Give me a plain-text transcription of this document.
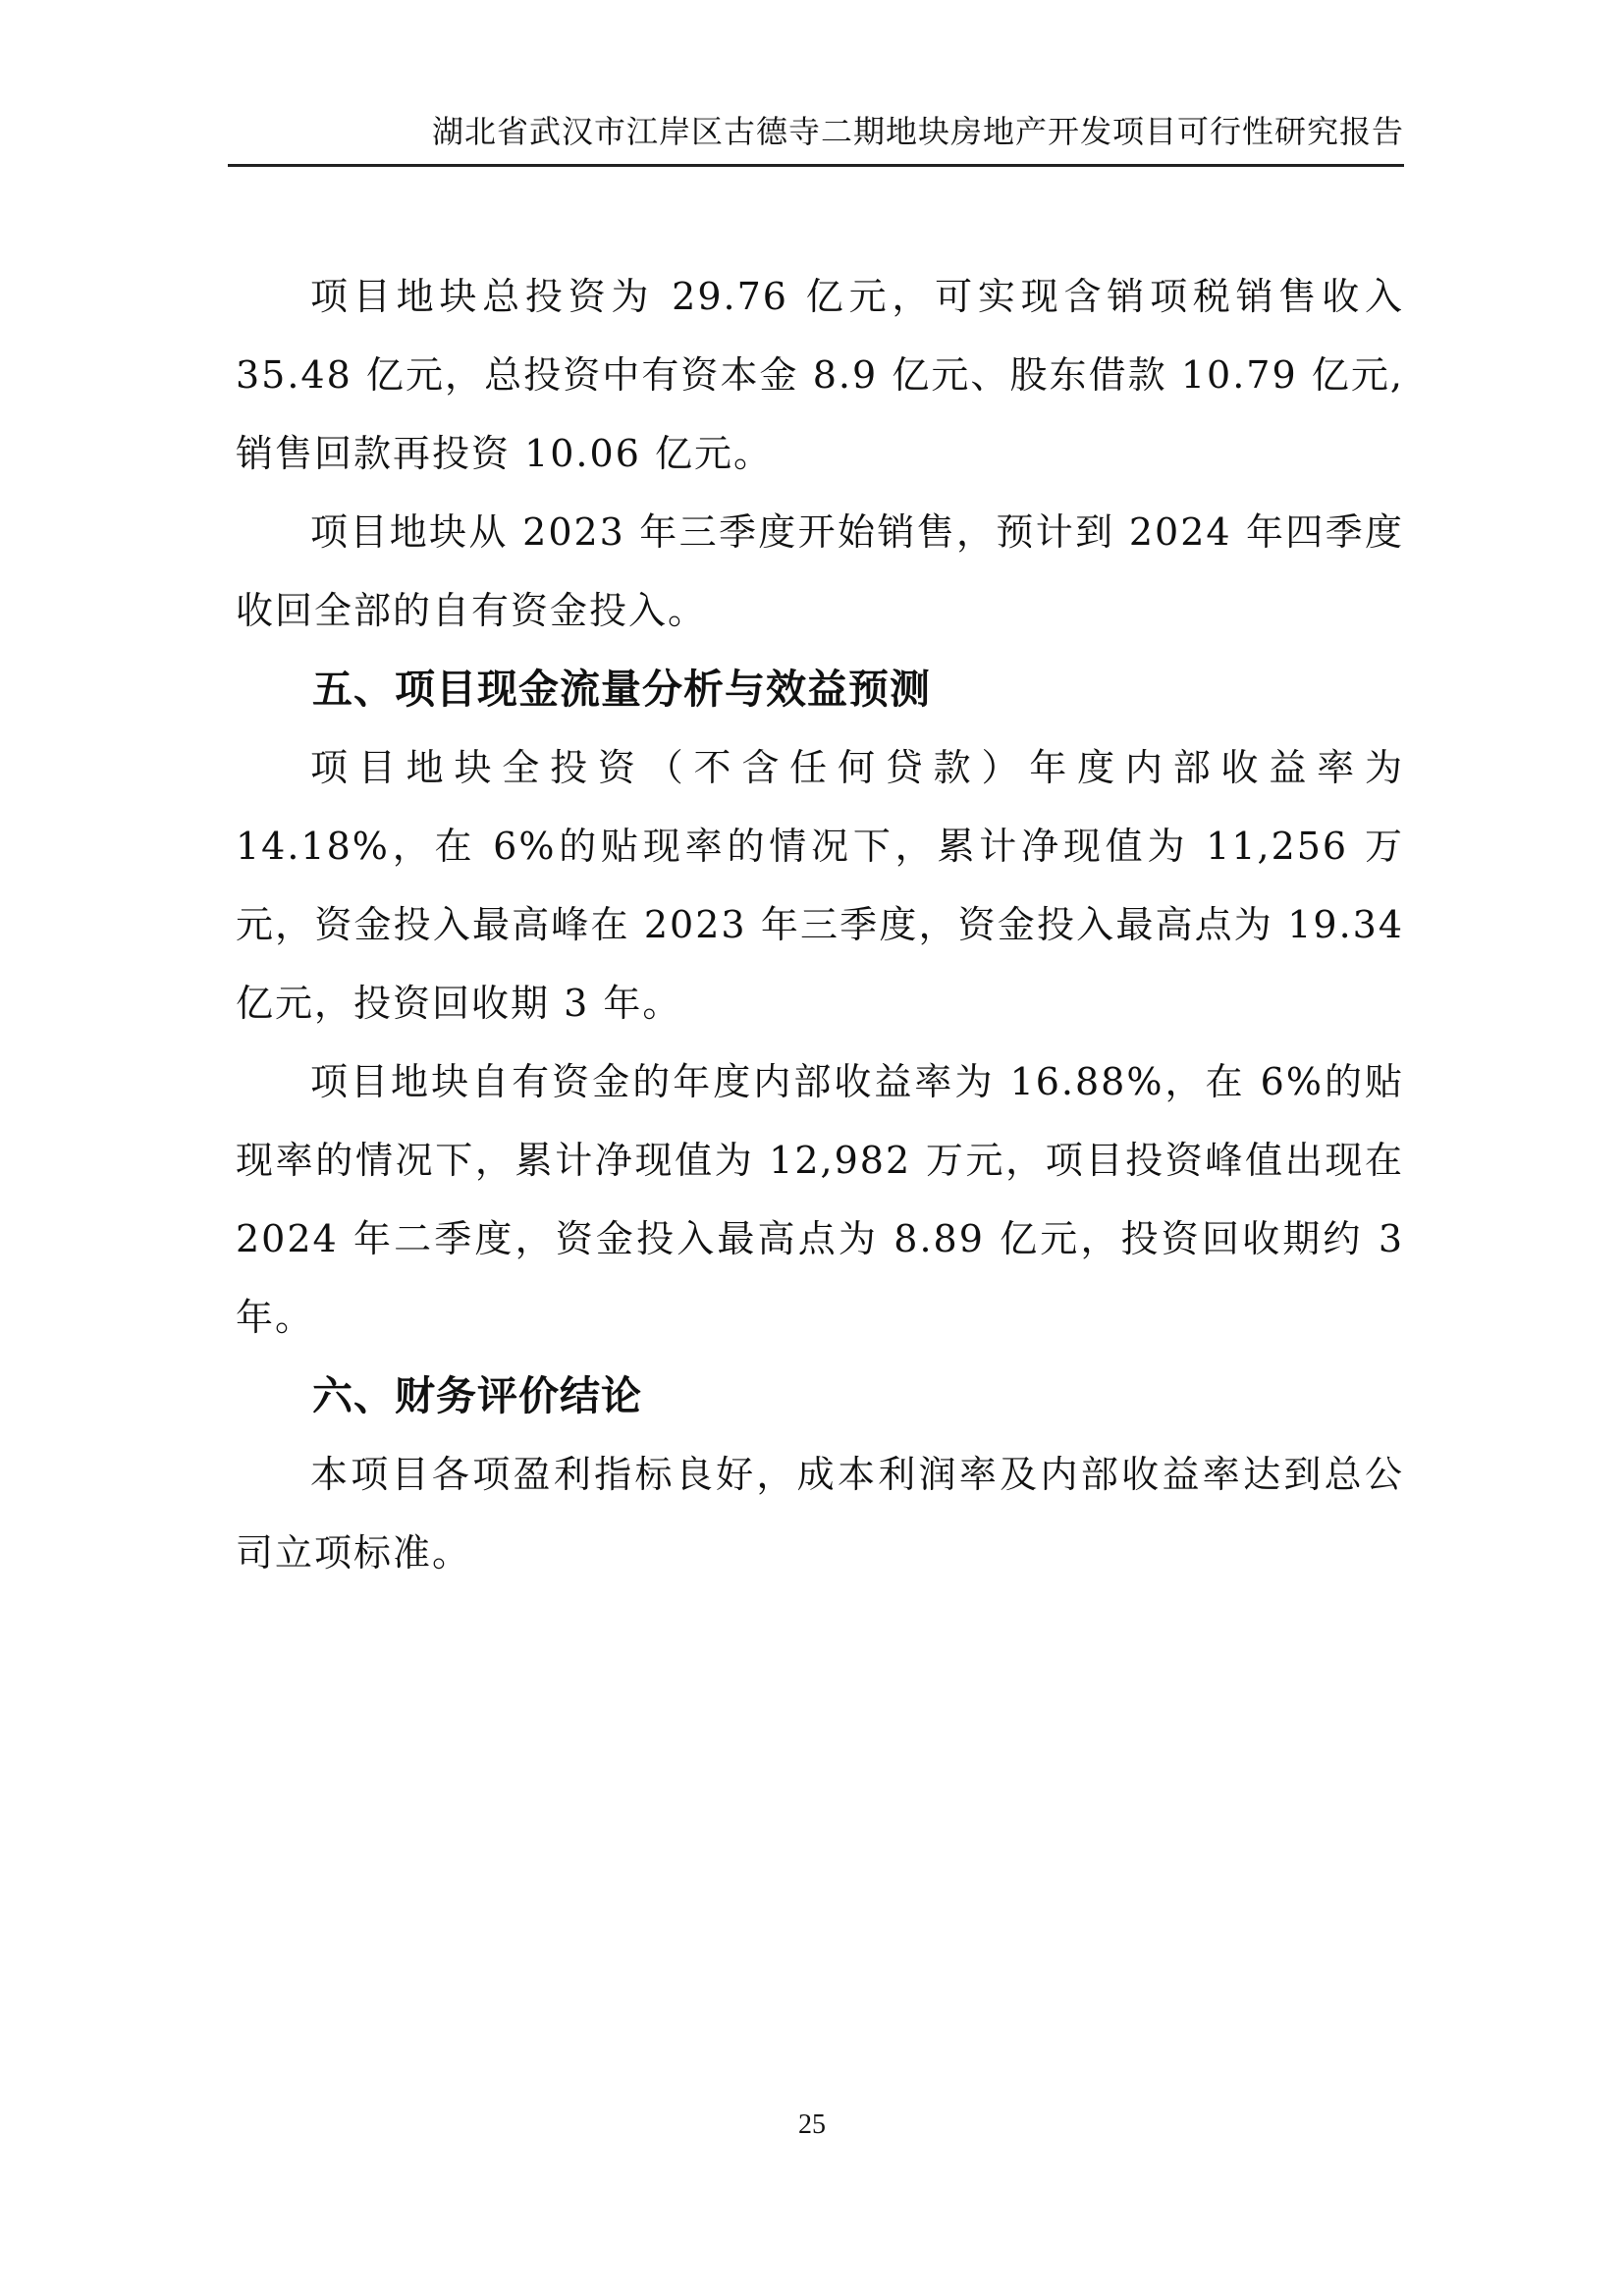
湖北省武汉市江岸区古德寺二期地块房地产开发项目可行性研究报告

项目地块总投资为 29.76 亿元，可实现含销项税销售收入 35.48 亿元，总投资中有资本金 8.9 亿元、股东借款 10.79 亿元,销售回款再投资 10.06 亿元。

项目地块从 2023 年三季度开始销售，预计到 2024 年四季度收回全部的自有资金投入。

五、项目现金流量分析与效益预测

项目地块全投资（不含任何贷款）年度内部收益率为 14.18%，在 6%的贴现率的情况下，累计净现值为 11,256 万元，资金投入最高峰在 2023 年三季度，资金投入最高点为 19.34 亿元，投资回收期 3 年。

项目地块自有资金的年度内部收益率为 16.88%，在 6%的贴现率的情况下，累计净现值为 12,982 万元，项目投资峰值出现在 2024 年二季度，资金投入最高点为 8.89 亿元，投资回收期约 3 年。

六、财务评价结论

本项目各项盈利指标良好，成本利润率及内部收益率达到总公司立项标准。

25
